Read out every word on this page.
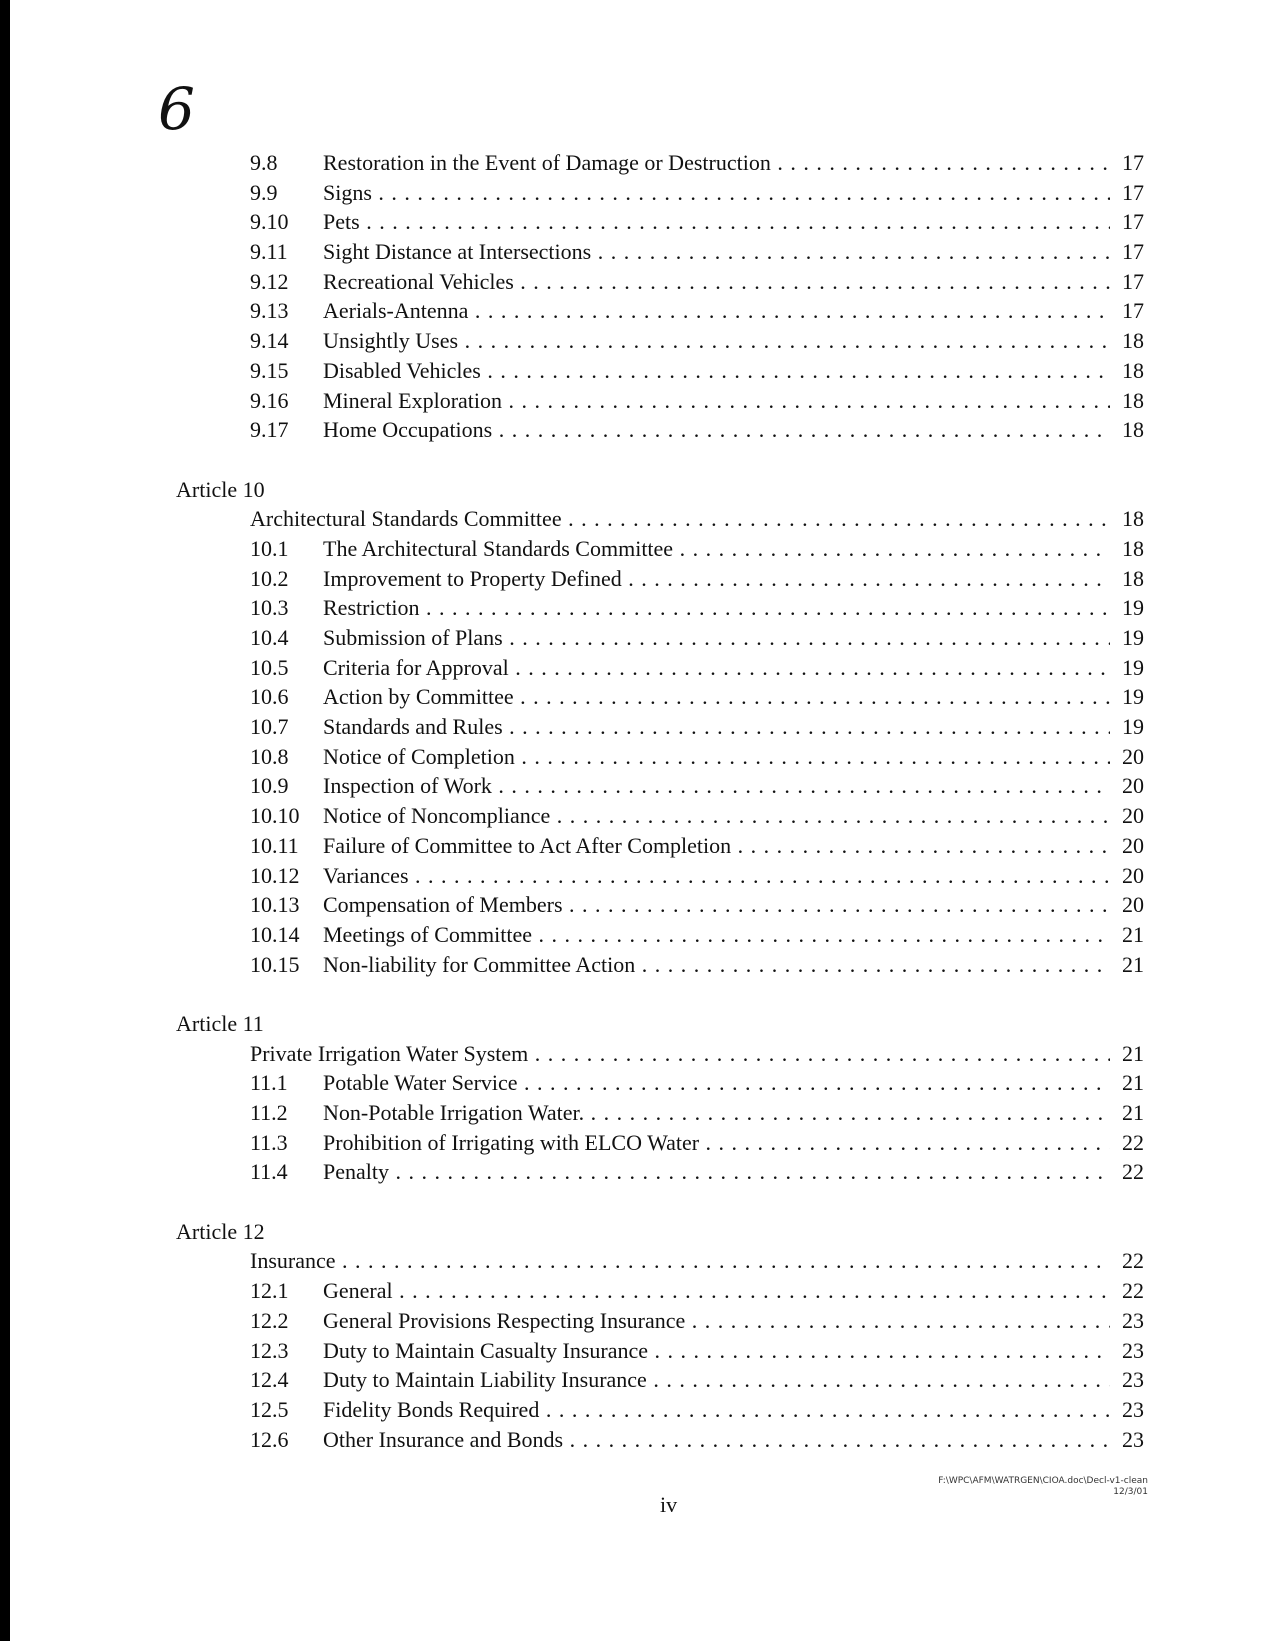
6
9.8 Restoration in the Event of Damage or Destruction . . .	17
9.9 Signs . . .	17
9.10 Pets . . .	17
9.11 Sight Distance at Intersections . . .	17
9.12 Recreational Vehicles . . .	17
9.13 Aerials-Antenna . . .	17
9.14 Unsightly Uses . . .	18
9.15 Disabled Vehicles . . .	18
9.16 Mineral Exploration . . .	18
9.17 Home Occupations . . .	18
Article 10
Architectural Standards Committee . . .	18
10.1 The Architectural Standards Committee . . .	18
10.2 Improvement to Property Defined . . .	18
10.3 Restriction . . .	19
10.4 Submission of Plans . . .	19
10.5 Criteria for Approval . . .	19
10.6 Action by Committee . . .	19
10.7 Standards and Rules . . .	19
10.8 Notice of Completion . . .	20
10.9 Inspection of Work . . .	20
10.10 Notice of Noncompliance . . .	20
10.11 Failure of Committee to Act After Completion . . .	20
10.12 Variances . . .	20
10.13 Compensation of Members . . .	20
10.14 Meetings of Committee . . .	21
10.15 Non-liability for Committee Action . . .	21
Article 11
Private Irrigation Water System . . .	21
11.1 Potable Water Service . . .	21
11.2 Non-Potable Irrigation Water. . . .	21
11.3 Prohibition of Irrigating with ELCO Water . . .	22
11.4 Penalty . . .	22
Article 12
Insurance . . .	22
12.1 General . . .	22
12.2 General Provisions Respecting Insurance . . .	23
12.3 Duty to Maintain Casualty Insurance . . .	23
12.4 Duty to Maintain Liability Insurance . . .	23
12.5 Fidelity Bonds Required . . .	23
12.6 Other Insurance and Bonds . . .	23
iv
F:\WPC\AFM\WATRGEN\CIOA.doc\Decl-v1-clean
12/3/01
